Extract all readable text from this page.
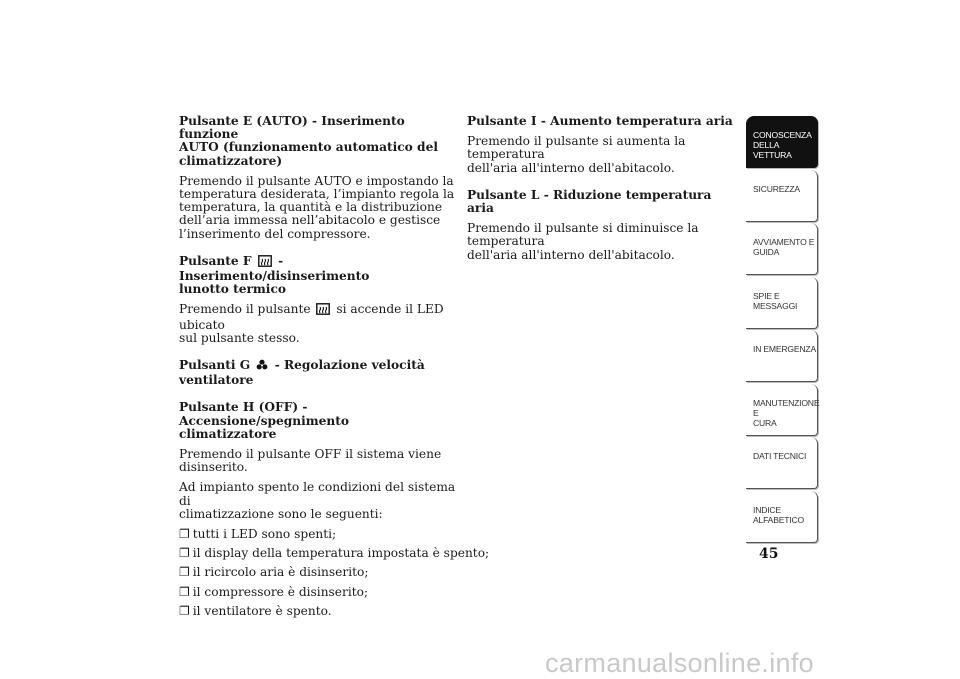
Pulsante E (AUTO) - Inserimento funzione
AUTO (funzionamento automatico del
climatizzatore)
Premendo il pulsante AUTO e impostando la
temperatura desiderata, l’impianto regola la
temperatura, la quantità e la distribuzione
dell’aria immessa nell’abitacolo e gestisce
l’inserimento del compressore.
Pulsante F - Inserimento/disinserimento
lunotto termico
Premendo il pulsante si accende il LED ubicato
sul pulsante stesso.
Pulsanti G - Regolazione velocità
ventilatore
Pulsante H (OFF) - Accensione/spegnimento
climatizzatore
Premendo il pulsante OFF il sistema viene
disinserito.
Ad impianto spento le condizioni del sistema di
climatizzazione sono le seguenti:
❐ tutti i LED sono spenti;
❐ il display della temperatura impostata è spento;
❐ il ricircolo aria è disinserito;
❐ il compressore è disinserito;
❐ il ventilatore è spento.
Pulsante I - Aumento temperatura aria
Premendo il pulsante si aumenta la temperatura
dell'aria all'interno dell'abitacolo.
Pulsante L - Riduzione temperatura aria
Premendo il pulsante si diminuisce la temperatura
dell'aria all'interno dell'abitacolo.
CONOSCENZA
DELLA VETTURA
SICUREZZA
AVVIAMENTO E
GUIDA
SPIE E MESSAGGI
IN EMERGENZA
MANUTENZIONE E
CURA
DATI TECNICI
INDICE
ALFABETICO
45
carmanualsonline.info
